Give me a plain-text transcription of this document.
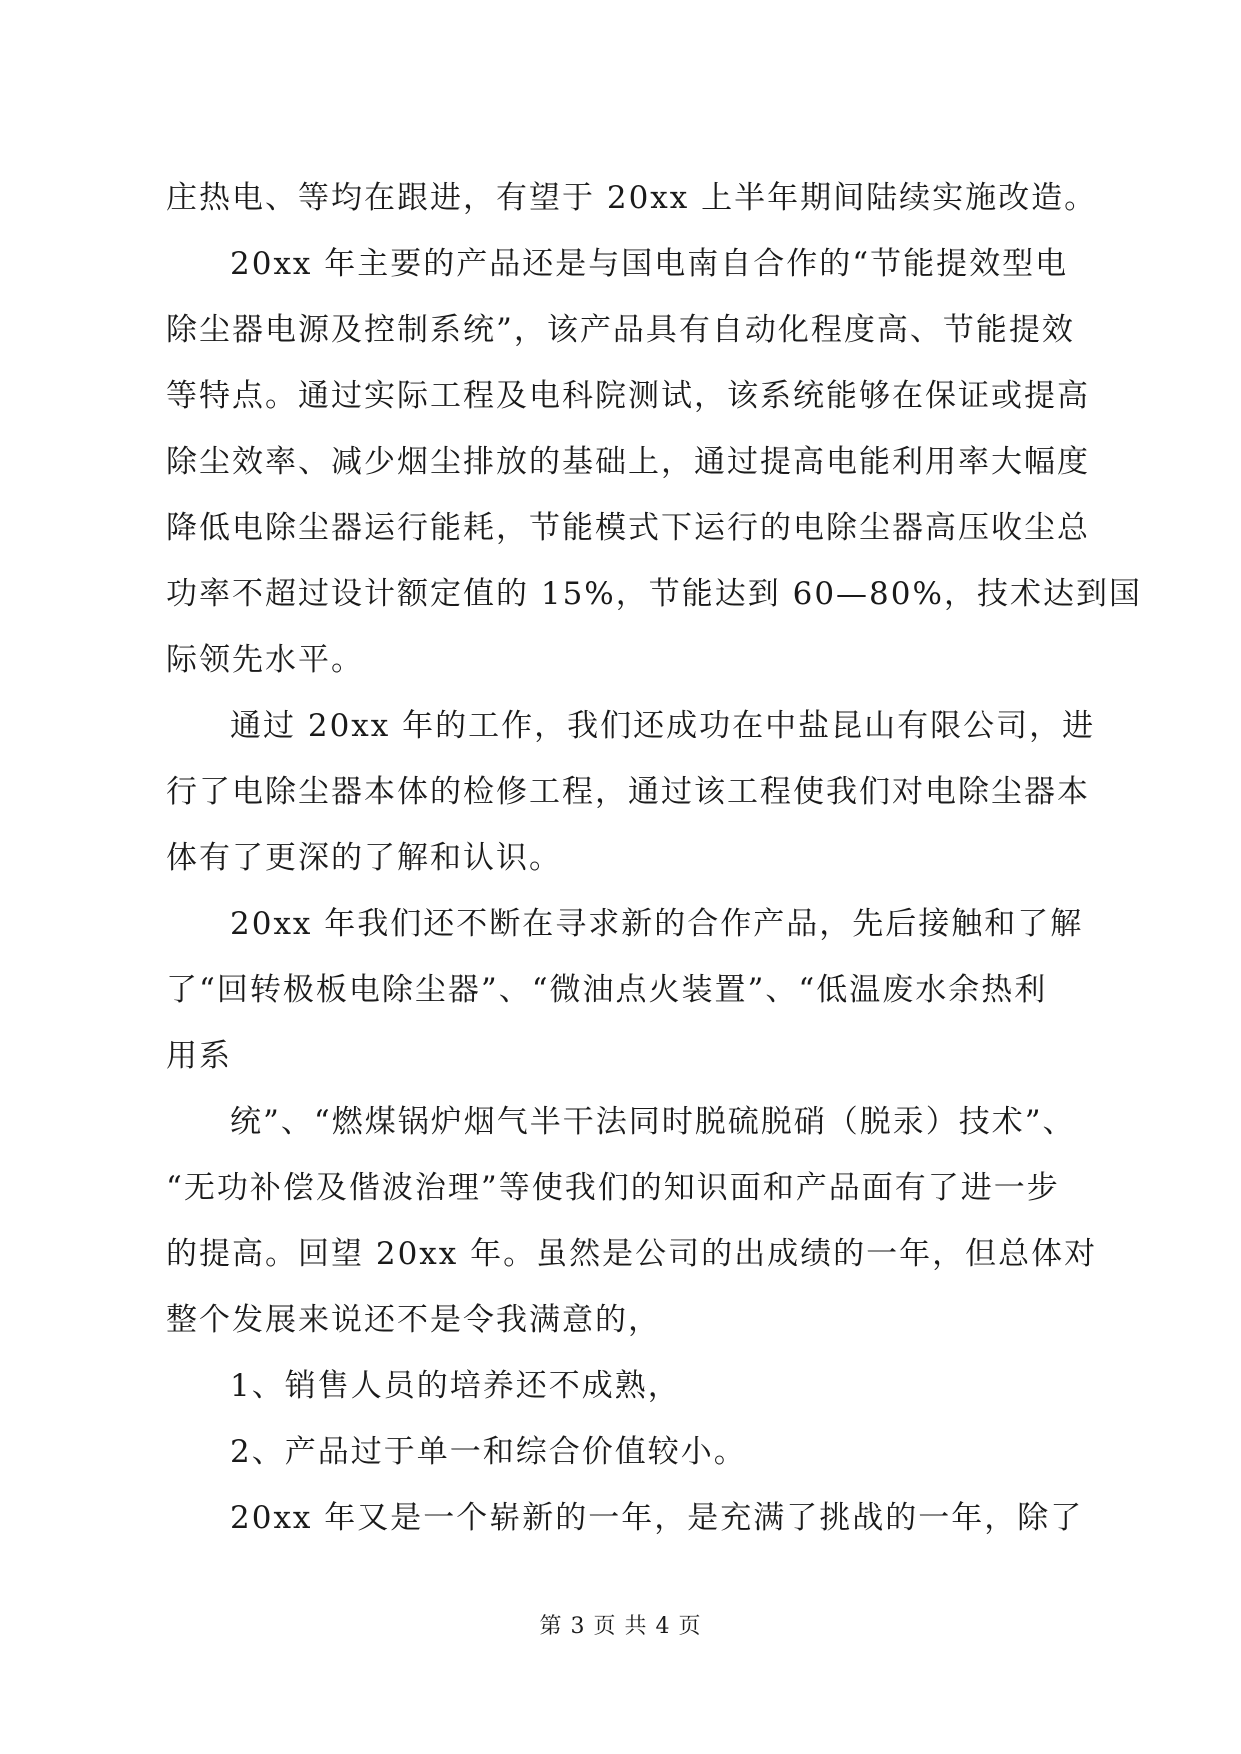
庄热电、等均在跟进，有望于 20xx 上半年期间陆续实施改造。
20xx 年主要的产品还是与国电南自合作的“节能提效型电
除尘器电源及控制系统”，该产品具有自动化程度高、节能提效
等特点。通过实际工程及电科院测试，该系统能够在保证或提高
除尘效率、减少烟尘排放的基础上，通过提高电能利用率大幅度
降低电除尘器运行能耗，节能模式下运行的电除尘器高压收尘总
功率不超过设计额定值的 15%，节能达到 60—80%，技术达到国
际领先水平。
通过 20xx 年的工作，我们还成功在中盐昆山有限公司，进
行了电除尘器本体的检修工程，通过该工程使我们对电除尘器本
体有了更深的了解和认识。
20xx 年我们还不断在寻求新的合作产品，先后接触和了解
了“回转极板电除尘器”、“微油点火装置”、“低温废水余热利
用系
统”、“燃煤锅炉烟气半干法同时脱硫脱硝（脱汞）技术”、
“无功补偿及偕波治理”等使我们的知识面和产品面有了进一步
的提高。回望 20xx 年。虽然是公司的出成绩的一年，但总体对
整个发展来说还不是令我满意的，
1、销售人员的培养还不成熟，
2、产品过于单一和综合价值较小。
20xx 年又是一个崭新的一年，是充满了挑战的一年，除了
第 3 页 共 4 页
